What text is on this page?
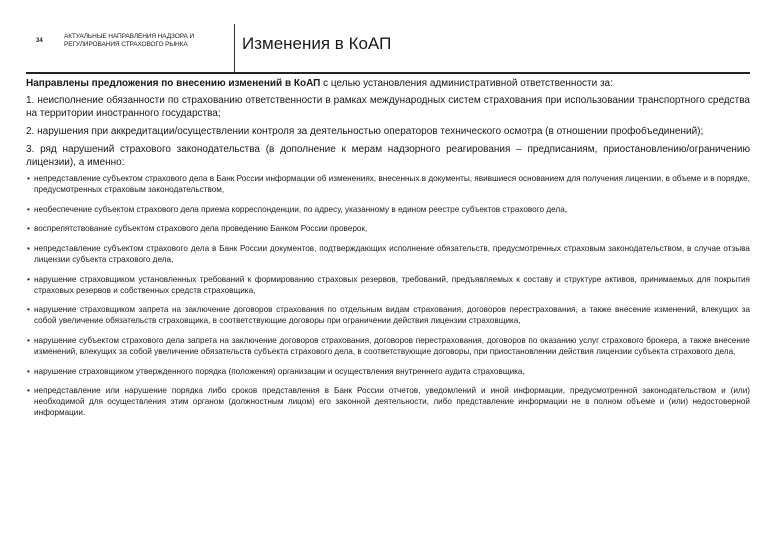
34
АКТУАЛЬНЫЕ НАПРАВЛЕНИЯ НАДЗОРА И РЕГУЛИРОВАНИЯ СТРАХОВОГО РЫНКА	Изменения в КоАП

Направлены предложения по внесению изменений в КоАП с целью установления административной ответственности за:

1. неисполнение обязанности по страхованию ответственности в рамках международных систем страхования при использовании транспортного средства на территории иностранного государства;

2. нарушения при аккредитации/осуществлении контроля за деятельностью операторов технического осмотра (в отношении профобъединений);

3. ряд нарушений страхового законодательства (в дополнение к мерам надзорного реагирования – предписаниям, приостановлению/ограничению лицензии), а именно:

• непредставление субъектом страхового дела в Банк России информации об изменениях, внесенных в документы, явившиеся основанием для получения лицензии, в объеме и в порядке, предусмотренных страховым законодательством,
• необеспечение субъектом страхового дела приема корреспонденции, по адресу, указанному в едином реестре субъектов страхового дела,
• воспрепятствование субъектом страхового дела проведению Банком России проверок,
• непредставление субъектом страхового дела в Банк России документов, подтверждающих исполнение обязательств, предусмотренных страховым законодательством, в случае отзыва лицензии субъекта страхового дела,
• нарушение страховщиком установленных требований к формированию страховых резервов, требований, предъявляемых к составу и структуре активов, принимаемых для покрытия страховых резервов и собственных средств страховщика,
• нарушение страховщиком запрета на заключение договоров страхования по отдельным видам страхования, договоров перестрахования, а также внесение изменений, влекущих за собой увеличение обязательств страховщика, в соответствующие договоры при ограничении действия лицензии страховщика,
• нарушение субъектом страхового дела запрета на заключение договоров страхования, договоров перестрахования, договоров по оказанию услуг страхового брокера, а также внесение изменений, влекущих за собой увеличение обязательств субъекта страхового дела, в соответствующие договоры, при приостановлении действия лицензии субъекта страхового дела,
• нарушение страховщиком утвержденного порядка (положения) организации и осуществления внутреннего аудита страховщика,
• непредставление или нарушение порядка либо сроков представления в Банк России отчетов, уведомлений и иной информации, предусмотренной законодательством и (или) необходимой для осуществления этим органом (должностным лицом) его законной деятельности, либо представление информации не в полном объеме и (или) недостоверной информации.
